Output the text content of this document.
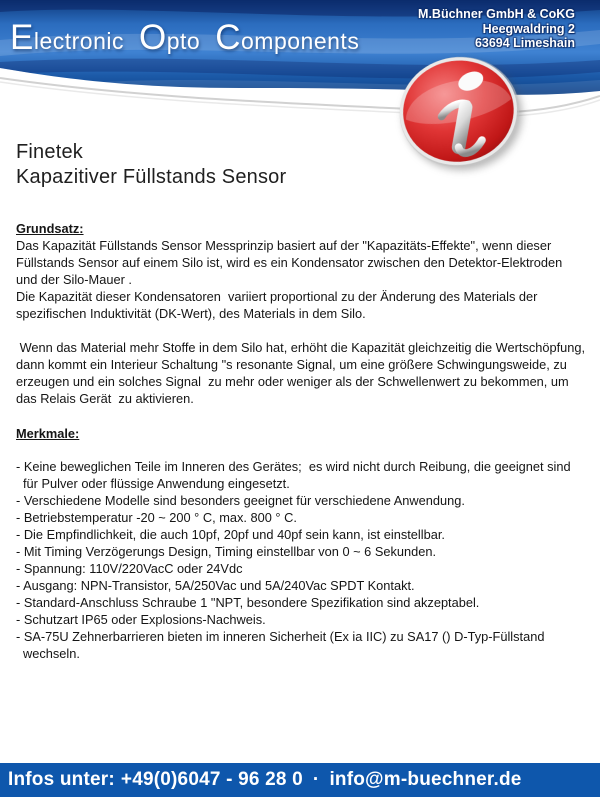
Electronic Opto Components
M.Büchner GmbH & CoKG
Heegwaldring 2
63694 Limeshain
Finetek
Kapazitiver Füllstands Sensor
Grundsatz:

Das Kapazität Füllstands Sensor Messprinzip basiert auf der "Kapazitäts-Effekte", wenn dieser Füllstands Sensor auf einem Silo ist, wird es ein Kondensator zwischen den Detektor-Elektroden  und der Silo-Mauer .

Die Kapazität dieser Kondensatoren  variiert proportional zu der Änderung des Materials der spezifischen Induktivität (DK-Wert), des Materials in dem Silo.

Wenn das Material mehr Stoffe in dem Silo hat, erhöht die Kapazität gleichzeitig die Wertschöpfung, dann kommt ein Interieur Schaltung "s resonante Signal, um eine größere Schwingungsweide, zu erzeugen und ein solches Signal  zu mehr oder weniger als der Schwellenwert zu bekommen, um das Relais Gerät  zu aktivieren.

Merkmale:

- Keine beweglichen Teile im Inneren des Gerätes;  es wird nicht durch Reibung, die geeignet sind für Pulver oder flüssige Anwendung eingesetzt.

- Verschiedene Modelle sind besonders geeignet für verschiedene Anwendung.

- Betriebstemperatur -20 ~ 200 ° C, max. 800 ° C.

- Die Empfindlichkeit, die auch 10pf, 20pf und 40pf sein kann, ist einstellbar.

- Mit Timing Verzögerungs Design, Timing einstellbar von 0 ~ 6 Sekunden.

- Spannung: 110V/220VacC oder 24Vdc

- Ausgang: NPN-Transistor, 5A/250Vac und 5A/240Vac SPDT Kontakt.

- Standard-Anschluss Schraube 1 "NPT, besondere Spezifikation sind akzeptabel.

- Schutzart IP65 oder Explosions-Nachweis.

- SA-75U Zehnerbarrieren bieten im inneren Sicherheit (Ex ia IIC) zu SA17 () D-Typ-Füllstand wechseln.

Infos unter: +49(0)6047 - 96 28 0 · info@m-buechner.de
